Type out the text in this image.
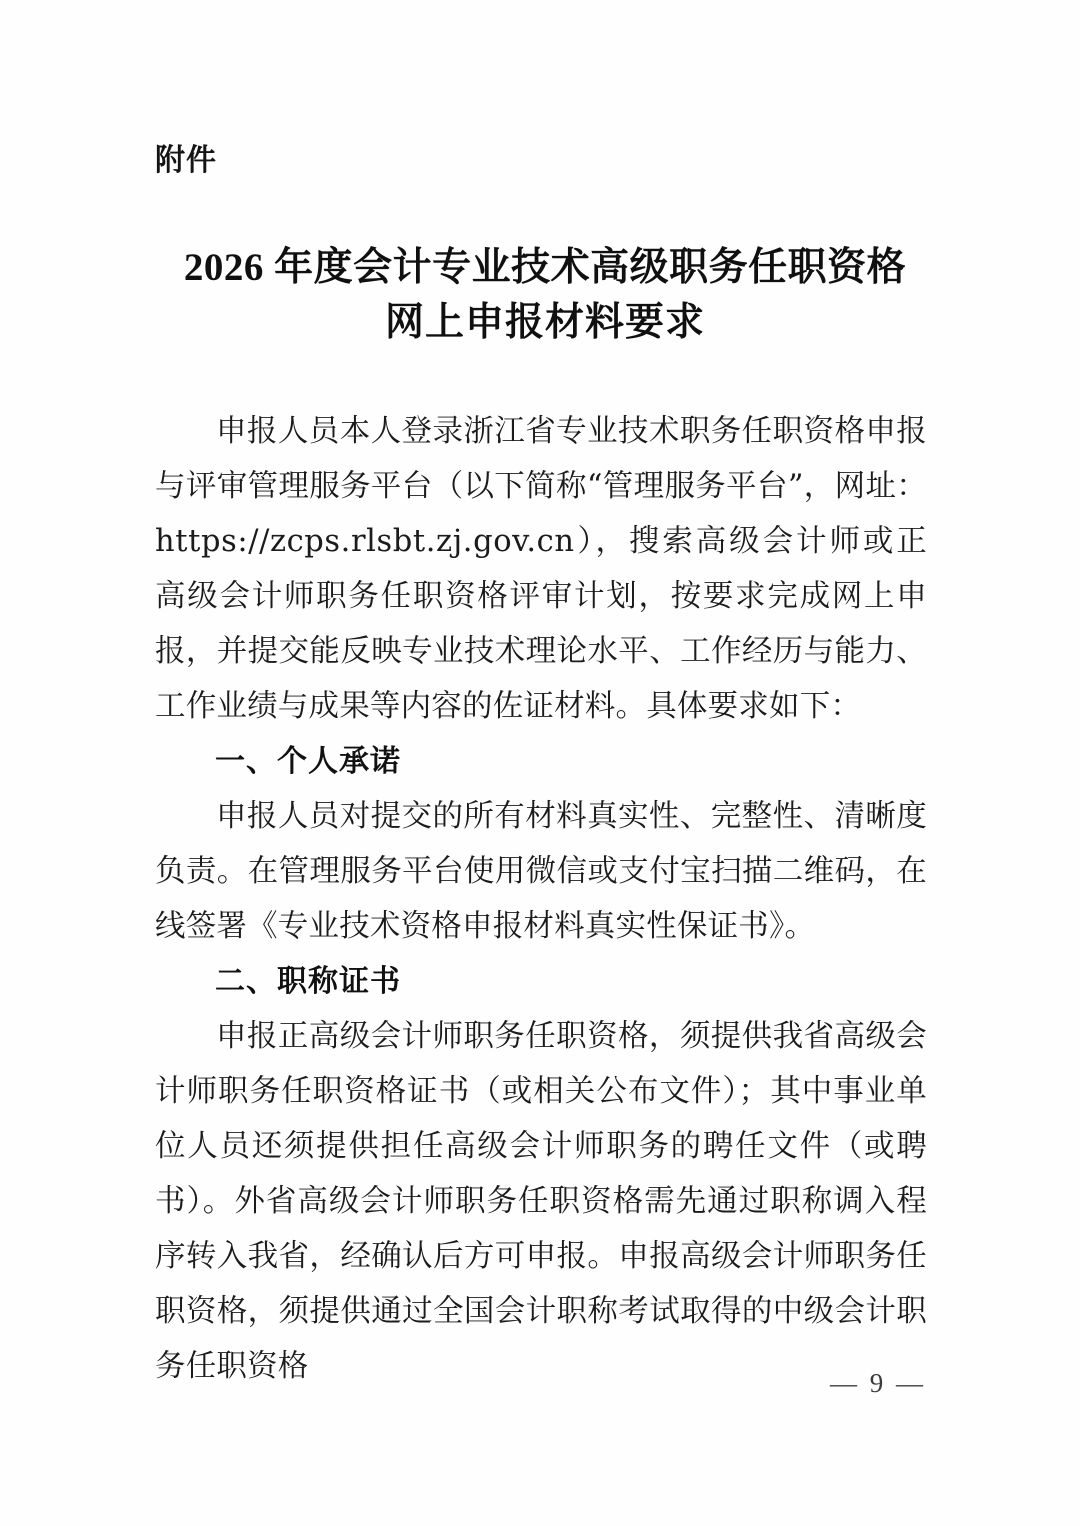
附件
2026 年度会计专业技术高级职务任职资格
网上申报材料要求

申报人员本人登录浙江省专业技术职务任职资格申报与评审管理服务平台（以下简称“管理服务平台”，网址：https://zcps.rlsbt.zj.gov.cn），搜索高级会计师或正高级会计师职务任职资格评审计划，按要求完成网上申报，并提交能反映专业技术理论水平、工作经历与能力、工作业绩与成果等内容的佐证材料。具体要求如下：

一、个人承诺

申报人员对提交的所有材料真实性、完整性、清晰度负责。在管理服务平台使用微信或支付宝扫描二维码，在线签署《专业技术资格申报材料真实性保证书》。

二、职称证书

申报正高级会计师职务任职资格，须提供我省高级会计师职务任职资格证书（或相关公布文件）；其中事业单位人员还须提供担任高级会计师职务的聘任文件（或聘书）。外省高级会计师职务任职资格需先通过职称调入程序转入我省，经确认后方可申报。申报高级会计师职务任职资格，须提供通过全国会计职称考试取得的中级会计职务任职资格	— 9 —
